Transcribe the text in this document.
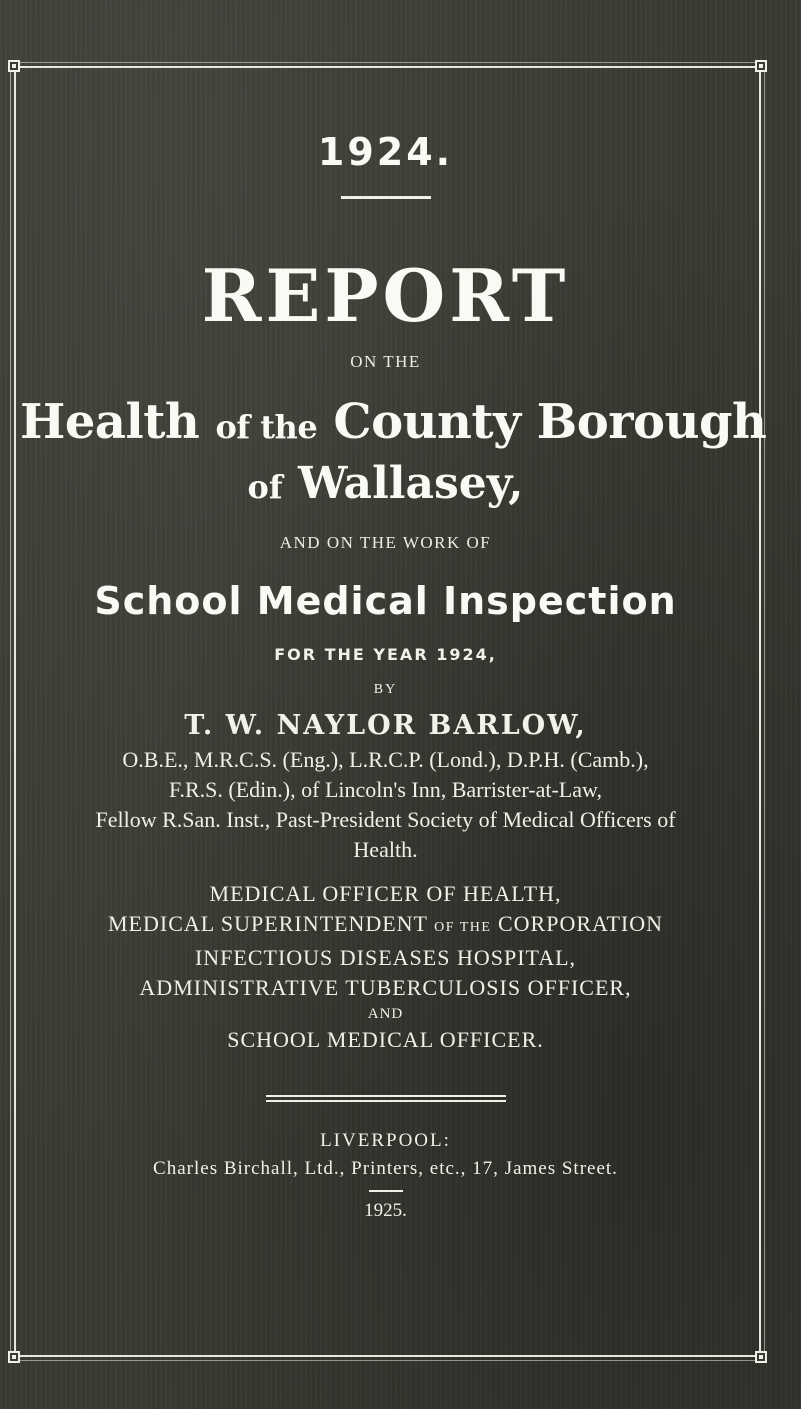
1924.
REPORT
ON THE
Health of the County Borough
of Wallasey,
AND ON THE WORK OF
School Medical Inspection
FOR THE YEAR 1924,
BY
T. W. NAYLOR BARLOW,
O.B.E., M.R.C.S. (Eng.), L.R.C.P. (Lond.), D.P.H. (Camb.),
F.R.S. (Edin.), of Lincoln's Inn, Barrister-at-Law,
Fellow R.San. Inst., Past-President Society of Medical Officers of
Health.
MEDICAL OFFICER OF HEALTH,
MEDICAL SUPERINTENDENT OF THE CORPORATION
INFECTIOUS DISEASES HOSPITAL,
ADMINISTRATIVE TUBERCULOSIS OFFICER,
AND
SCHOOL MEDICAL OFFICER.
LIVERPOOL:
Charles Birchall, Ltd., Printers, etc., 17, James Street.
1925.
